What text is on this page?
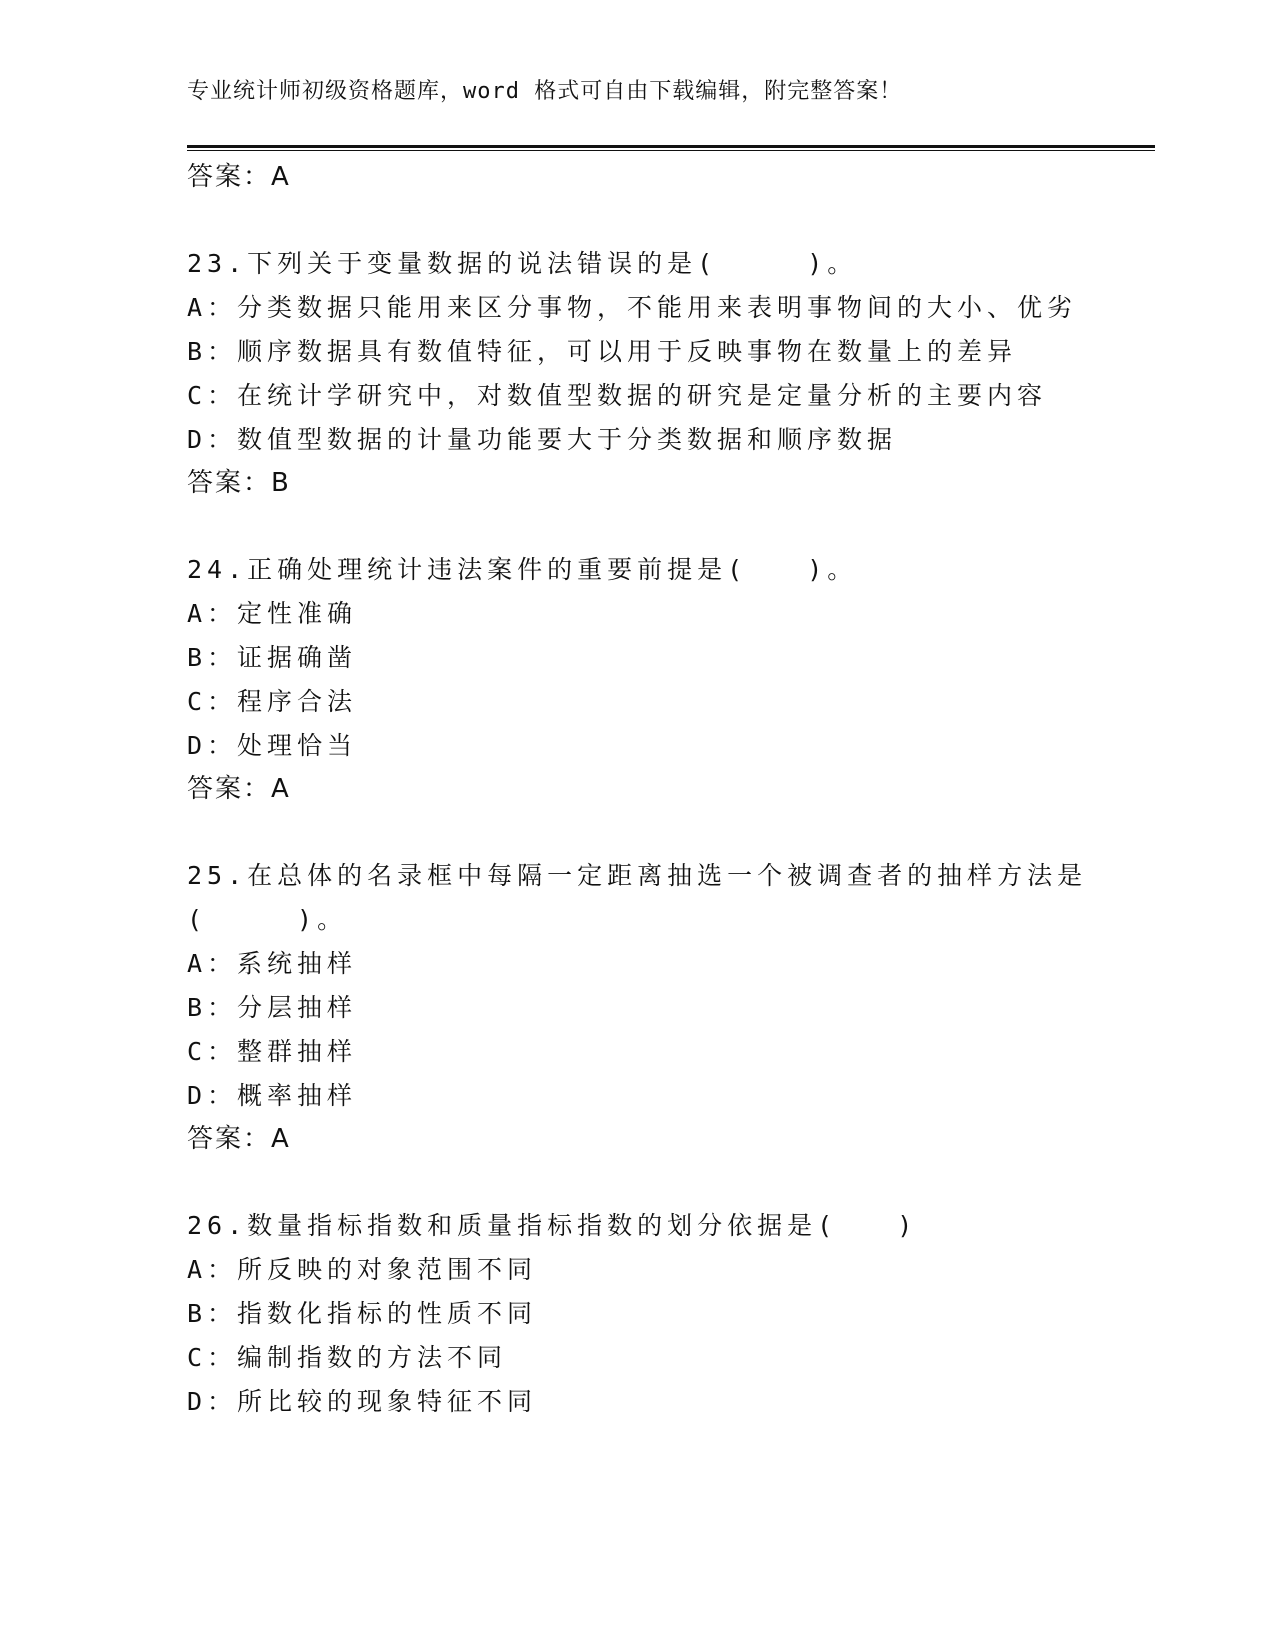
专业统计师初级资格题库，word 格式可自由下载编辑，附完整答案！
答案：A
23.下列关于变量数据的说法错误的是(　　　)。
A：分类数据只能用来区分事物，不能用来表明事物间的大小、优劣
B：顺序数据具有数值特征，可以用于反映事物在数量上的差异
C：在统计学研究中，对数值型数据的研究是定量分析的主要内容
D：数值型数据的计量功能要大于分类数据和顺序数据
答案：B
24.正确处理统计违法案件的重要前提是(　　)。
A：定性准确
B：证据确凿
C：程序合法
D：处理恰当
答案：A
25.在总体的名录框中每隔一定距离抽选一个被调查者的抽样方法是
(　　　)。
A：系统抽样
B：分层抽样
C：整群抽样
D：概率抽样
答案：A
26.数量指标指数和质量指标指数的划分依据是(　　)
A：所反映的对象范围不同
B：指数化指标的性质不同
C：编制指数的方法不同
D：所比较的现象特征不同
